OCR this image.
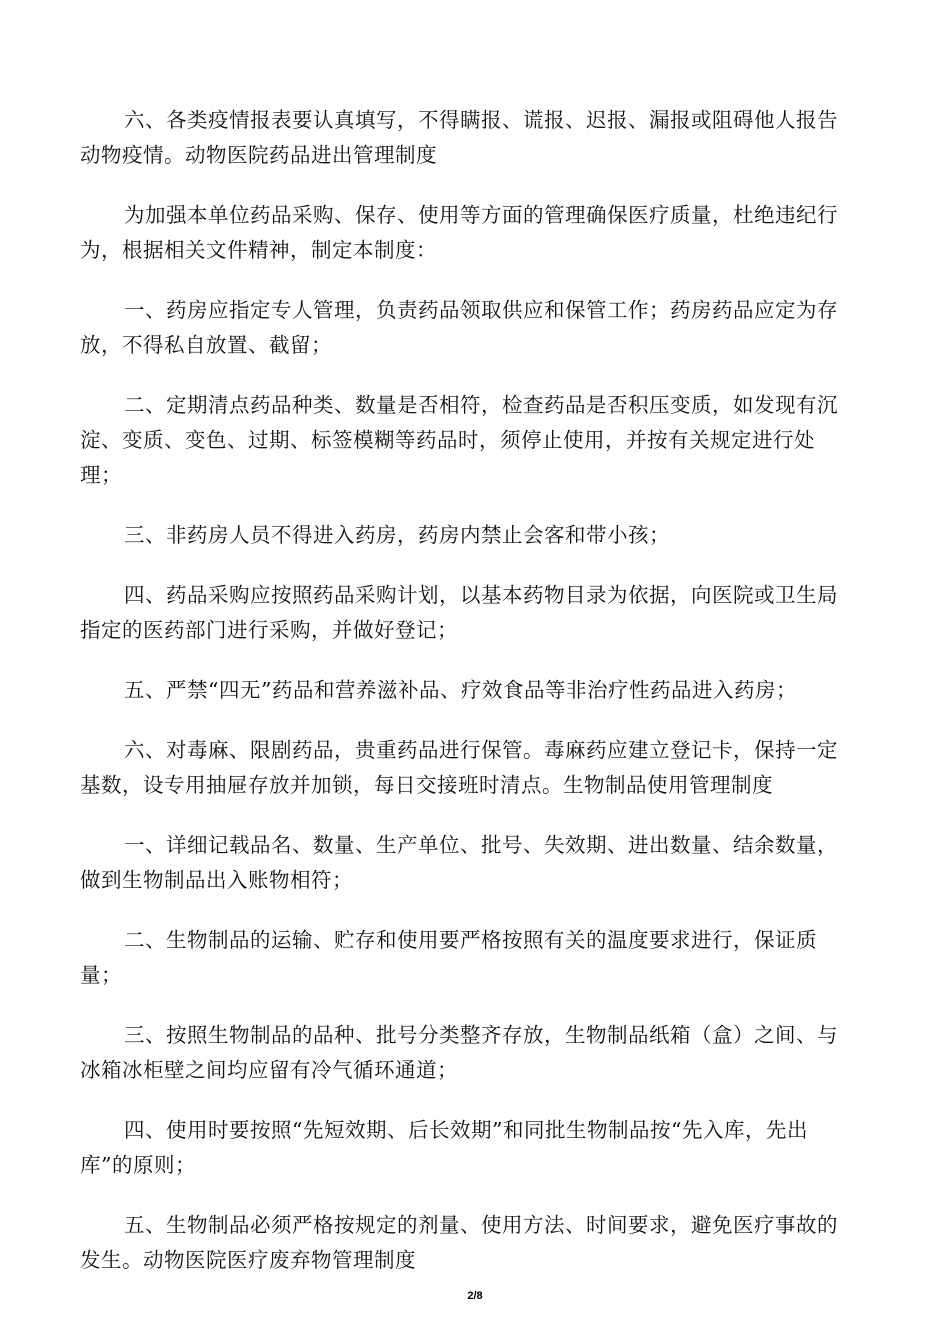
六、各类疫情报表要认真填写，不得瞒报、谎报、迟报、漏报或阻碍他人报告动物疫情。动物医院药品进出管理制度

为加强本单位药品采购、保存、使用等方面的管理确保医疗质量，杜绝违纪行为，根据相关文件精神，制定本制度：

一、药房应指定专人管理，负责药品领取供应和保管工作；药房药品应定为存放，不得私自放置、截留；

二、定期清点药品种类、数量是否相符，检查药品是否积压变质，如发现有沉淀、变质、变色、过期、标签模糊等药品时，须停止使用，并按有关规定进行处理；

三、非药房人员不得进入药房，药房内禁止会客和带小孩；

四、药品采购应按照药品采购计划，以基本药物目录为依据，向医院或卫生局指定的医药部门进行采购，并做好登记；

五、严禁“四无”药品和营养滋补品、疗效食品等非治疗性药品进入药房；

六、对毒麻、限剧药品，贵重药品进行保管。毒麻药应建立登记卡，保持一定基数，设专用抽屉存放并加锁，每日交接班时清点。生物制品使用管理制度

一、详细记载品名、数量、生产单位、批号、失效期、进出数量、结余数量，做到生物制品出入账物相符；

二、生物制品的运输、贮存和使用要严格按照有关的温度要求进行，保证质量；

三、按照生物制品的品种、批号分类整齐存放，生物制品纸箱（盒）之间、与冰箱冰柜壁之间均应留有冷气循环通道；

四、使用时要按照“先短效期、后长效期”和同批生物制品按“先入库，先出库”的原则；

五、生物制品必须严格按规定的剂量、使用方法、时间要求，避免医疗事故的发生。动物医院医疗废弃物管理制度

2/8
